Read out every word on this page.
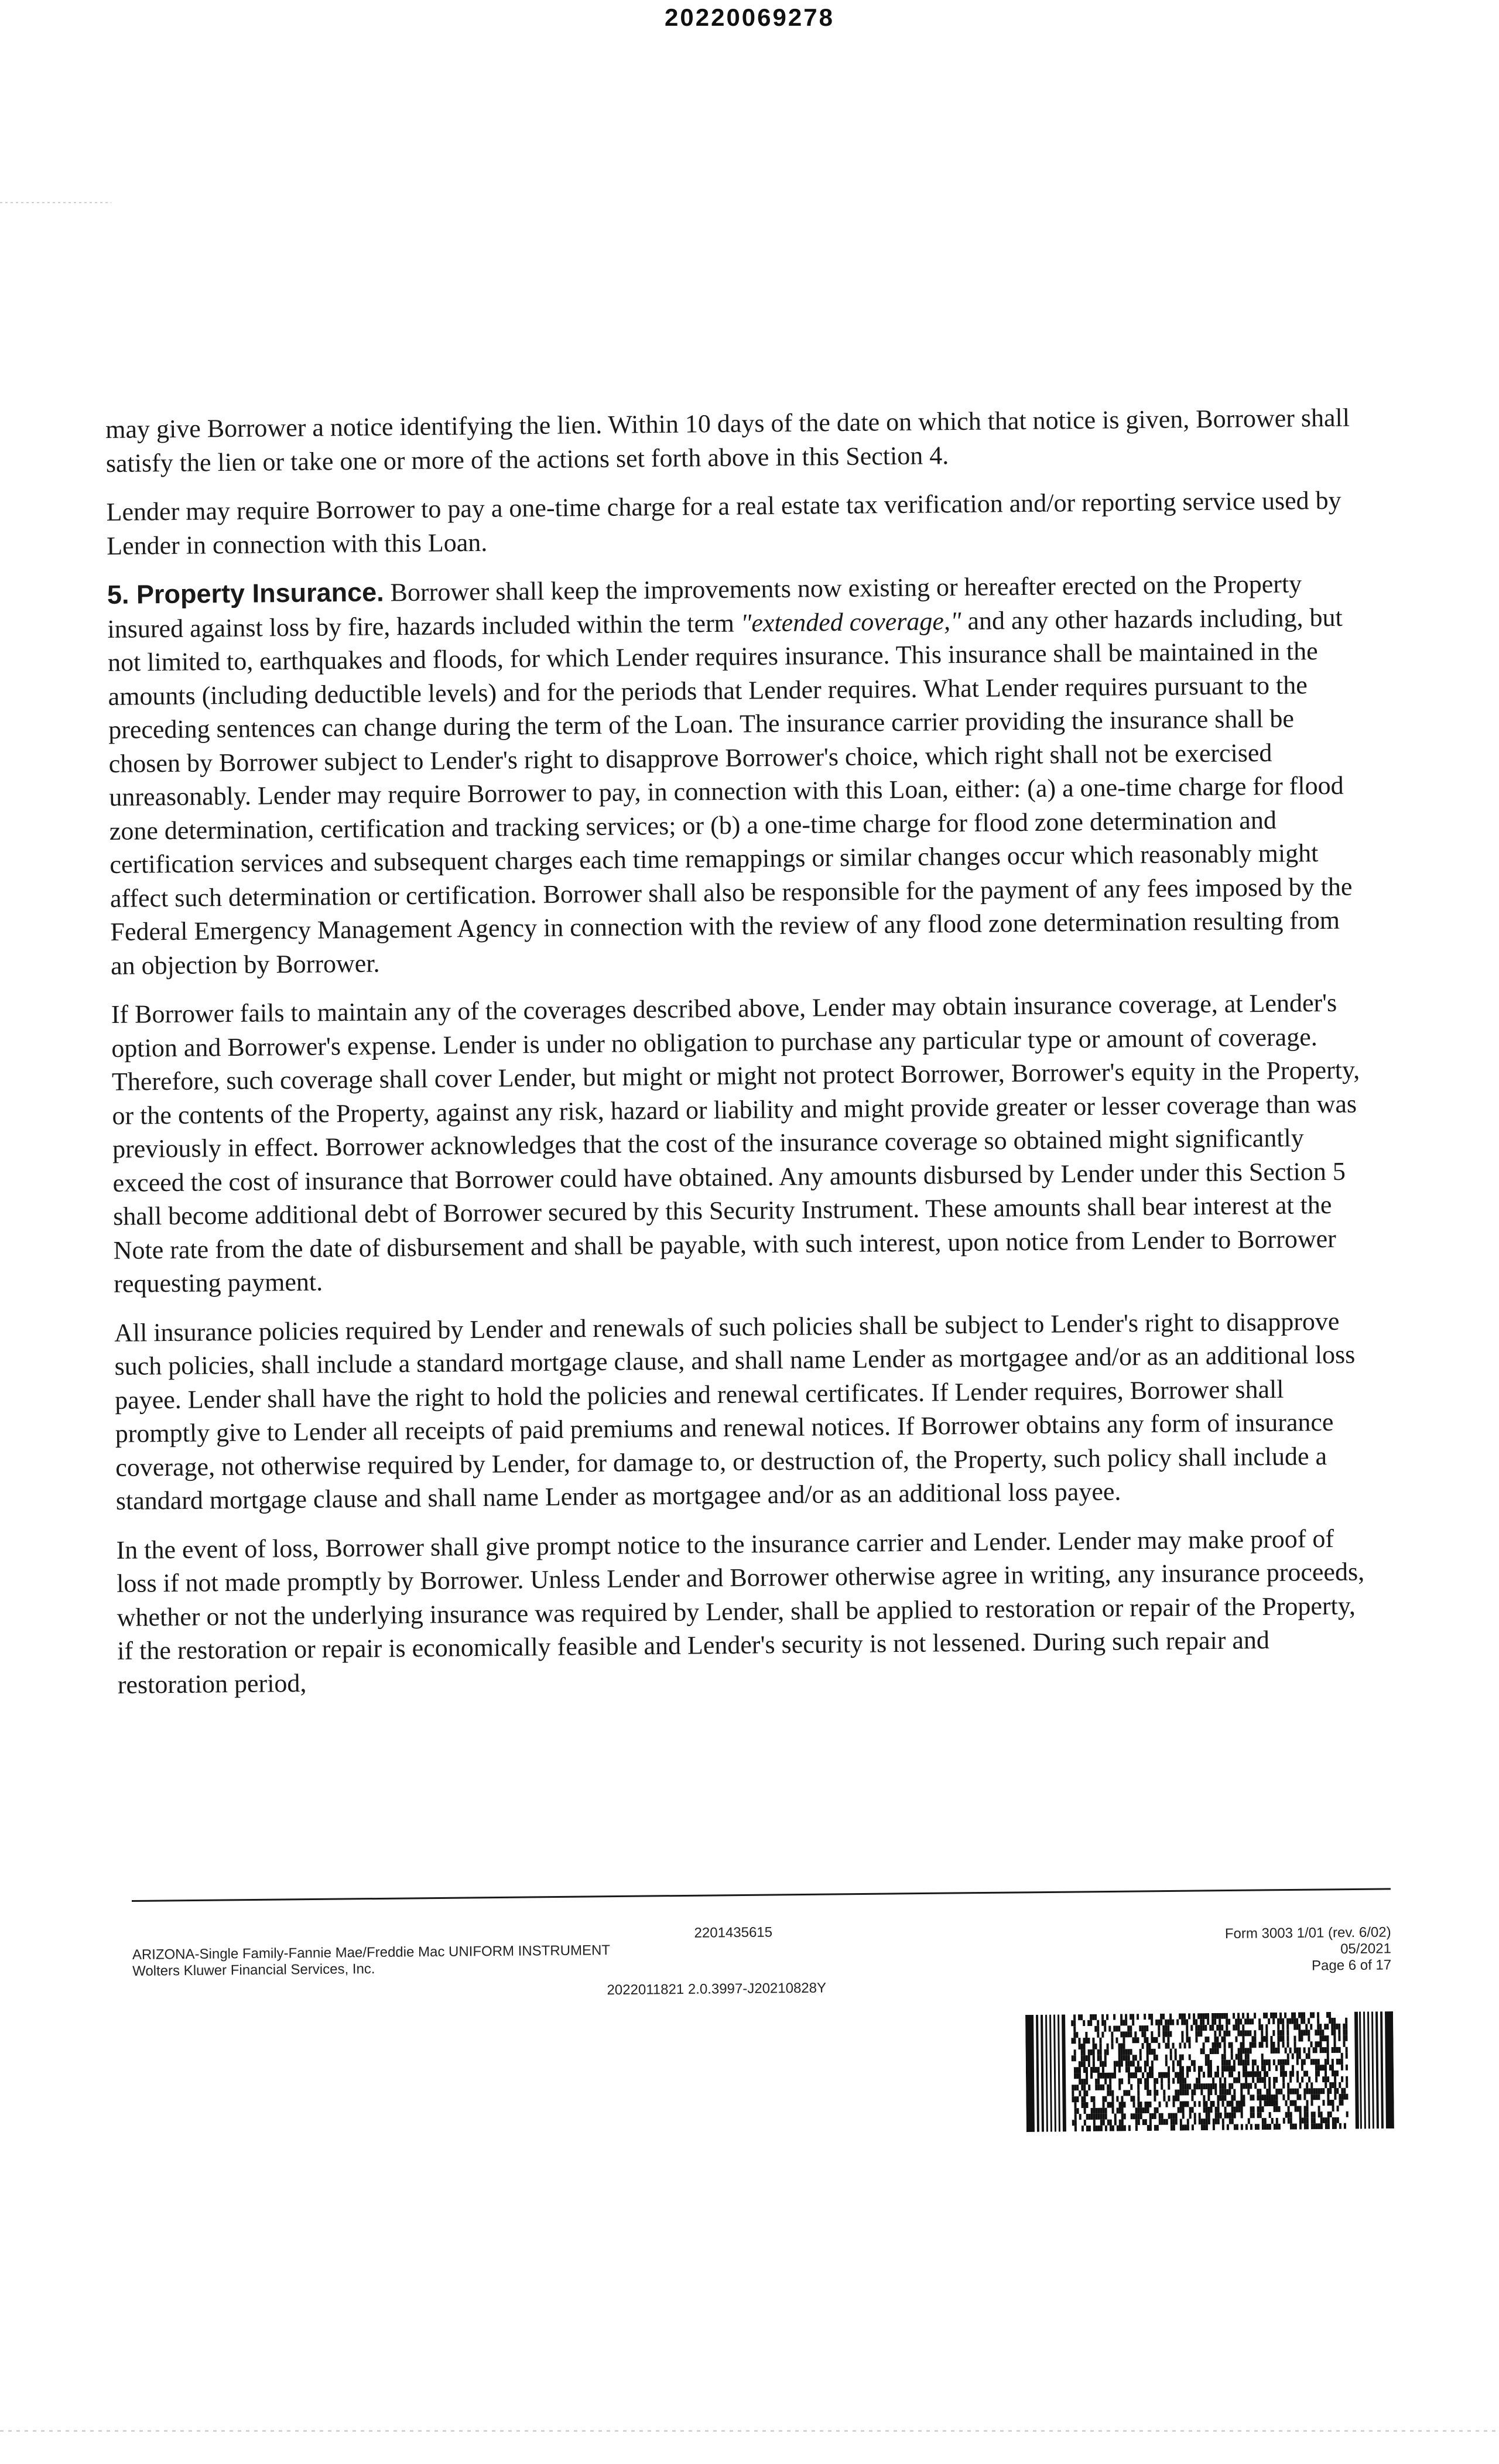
20220069278

may give Borrower a notice identifying the lien. Within 10 days of the date on which that notice is given, Borrower shall satisfy the lien or take one or more of the actions set forth above in this Section 4.

Lender may require Borrower to pay a one-time charge for a real estate tax verification and/or reporting service used by Lender in connection with this Loan.

5. Property Insurance. Borrower shall keep the improvements now existing or hereafter erected on the Property insured against loss by fire, hazards included within the term "extended coverage," and any other hazards including, but not limited to, earthquakes and floods, for which Lender requires insurance. This insurance shall be maintained in the amounts (including deductible levels) and for the periods that Lender requires. What Lender requires pursuant to the preceding sentences can change during the term of the Loan. The insurance carrier providing the insurance shall be chosen by Borrower subject to Lender's right to disapprove Borrower's choice, which right shall not be exercised unreasonably. Lender may require Borrower to pay, in connection with this Loan, either: (a) a one-time charge for flood zone determination, certification and tracking services; or (b) a one-time charge for flood zone determination and certification services and subsequent charges each time remappings or similar changes occur which reasonably might affect such determination or certification. Borrower shall also be responsible for the payment of any fees imposed by the Federal Emergency Management Agency in connection with the review of any flood zone determination resulting from an objection by Borrower.

If Borrower fails to maintain any of the coverages described above, Lender may obtain insurance coverage, at Lender's option and Borrower's expense. Lender is under no obligation to purchase any particular type or amount of coverage. Therefore, such coverage shall cover Lender, but might or might not protect Borrower, Borrower's equity in the Property, or the contents of the Property, against any risk, hazard or liability and might provide greater or lesser coverage than was previously in effect. Borrower acknowledges that the cost of the insurance coverage so obtained might significantly exceed the cost of insurance that Borrower could have obtained. Any amounts disbursed by Lender under this Section 5 shall become additional debt of Borrower secured by this Security Instrument. These amounts shall bear interest at the Note rate from the date of disbursement and shall be payable, with such interest, upon notice from Lender to Borrower requesting payment.

All insurance policies required by Lender and renewals of such policies shall be subject to Lender's right to disapprove such policies, shall include a standard mortgage clause, and shall name Lender as mortgagee and/or as an additional loss payee. Lender shall have the right to hold the policies and renewal certificates. If Lender requires, Borrower shall promptly give to Lender all receipts of paid premiums and renewal notices. If Borrower obtains any form of insurance coverage, not otherwise required by Lender, for damage to, or destruction of, the Property, such policy shall include a standard mortgage clause and shall name Lender as mortgagee and/or as an additional loss payee.

In the event of loss, Borrower shall give prompt notice to the insurance carrier and Lender. Lender may make proof of loss if not made promptly by Borrower. Unless Lender and Borrower otherwise agree in writing, any insurance proceeds, whether or not the underlying insurance was required by Lender, shall be applied to restoration or repair of the Property, if the restoration or repair is economically feasible and Lender's security is not lessened. During such repair and restoration period,

2201435615
ARIZONA-Single Family-Fannie Mae/Freddie Mac UNIFORM INSTRUMENT
Wolters Kluwer Financial Services, Inc.
2022011821 2.0.3997-J20210828Y
Form 3003 1/01 (rev. 6/02)
05/2021
Page 6 of 17
